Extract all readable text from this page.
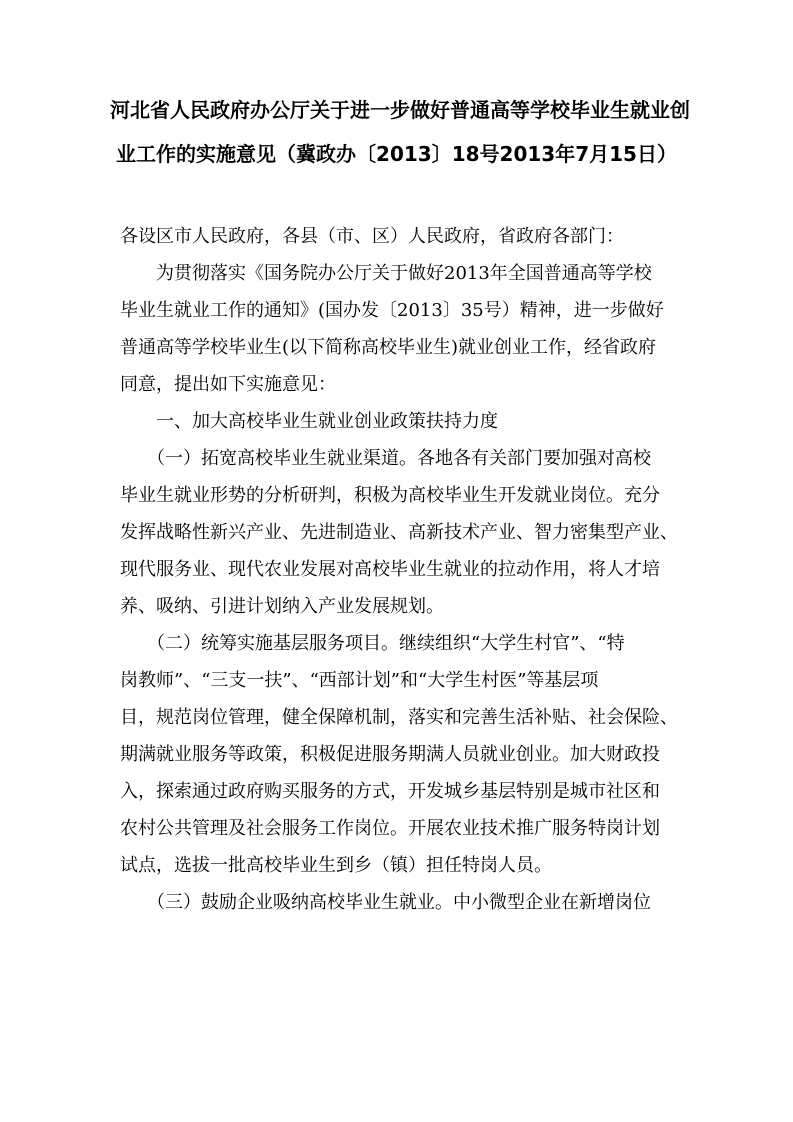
河北省人民政府办公厅关于进一步做好普通高等学校毕业生就业创
业工作的实施意见（冀政办〔2013〕18号2013年7月15日）
各设区市人民政府，各县（市、区）人民政府，省政府各部门：
　　为贯彻落实《国务院办公厅关于做好2013年全国普通高等学校
毕业生就业工作的通知》(国办发〔2013〕35号）精神，进一步做好
普通高等学校毕业生(以下简称高校毕业生)就业创业工作，经省政府
同意，提出如下实施意见：
　　一、加大高校毕业生就业创业政策扶持力度
　　（一）拓宽高校毕业生就业渠道。各地各有关部门要加强对高校
毕业生就业形势的分析研判，积极为高校毕业生开发就业岗位。充分
发挥战略性新兴产业、先进制造业、高新技术产业、智力密集型产业、
现代服务业、现代农业发展对高校毕业生就业的拉动作用，将人才培
养、吸纳、引进计划纳入产业发展规划。
　　（二）统筹实施基层服务项目。继续组织“大学生村官”、“特
岗教师”、“三支一扶”、“西部计划”和“大学生村医”等基层项
目，规范岗位管理，健全保障机制，落实和完善生活补贴、社会保险、
期满就业服务等政策，积极促进服务期满人员就业创业。加大财政投
入，探索通过政府购买服务的方式，开发城乡基层特别是城市社区和
农村公共管理及社会服务工作岗位。开展农业技术推广服务特岗计划
试点，选拔一批高校毕业生到乡（镇）担任特岗人员。
　　（三）鼓励企业吸纳高校毕业生就业。中小微型企业在新增岗位
